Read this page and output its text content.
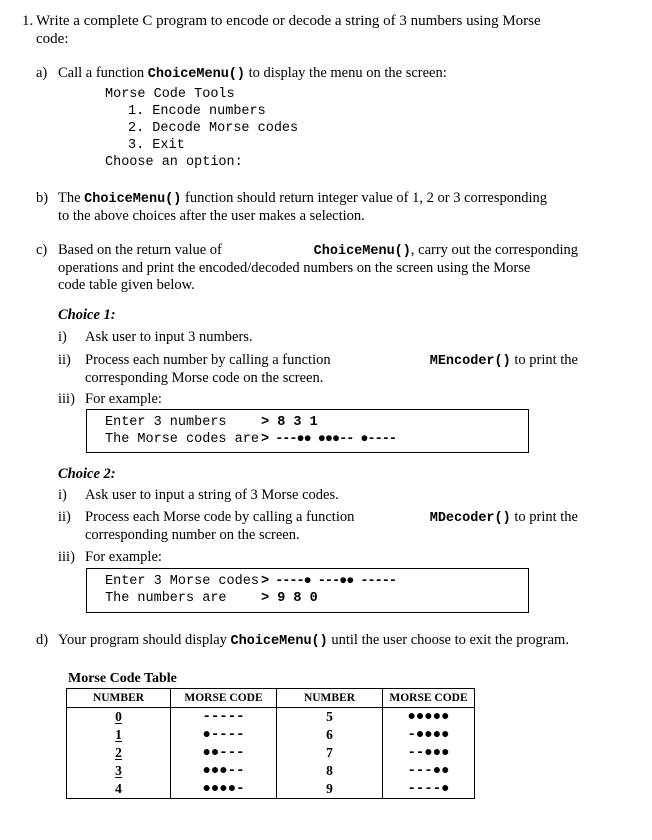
1. Write a complete C program to encode or decode a string of 3 numbers using Morse
code:
a) Call a function ChoiceMenu() to display the menu on the screen:
Morse Code Tools
1. Encode numbers
2. Decode Morse codes
3. Exit
Choose an option:
b) The ChoiceMenu() function should return integer value of 1, 2 or 3 corresponding
to the above choices after the user makes a selection.
c) Based on the return value of	ChoiceMenu(), carry out the corresponding
operations and print the encoded/decoded numbers on the screen using the Morse
code table given below.
Choice 1:
i) Ask user to input 3 numbers.
ii) Process each number by calling a function	MEncoder() to print the
corresponding Morse code on the screen.
iii) For example:
Enter 3 numbers	> 8 3 1
The Morse codes are > ---●● ●●●-- ●----
Choice 2:
i) Ask user to input a string of 3 Morse codes.
ii) Process each Morse code by calling a function	MDecoder() to print the
corresponding number on the screen.
iii) For example:
Enter 3 Morse codes > ----● ---●● -----
The numbers are	> 9 8 0
d) Your program should display ChoiceMenu() until the user choose to exit the program.
Morse Code Table
NUMBER	MORSE CODE	NUMBER	MORSE CODE
0	-----	5	●●●●●
1	●----	6	-●●●●
2	●●---	7	--●●●
3	●●●--	8	---●●
4	●●●●-	9	----●
